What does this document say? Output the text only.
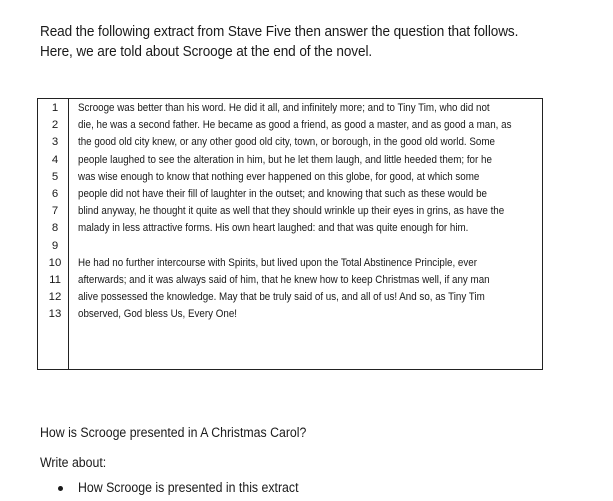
Read the following extract from Stave Five then answer the question that follows. Here, we are told about Scrooge at the end of the novel.
1
2
3
4
5
6
7
8
9
10
11
12
13
Scrooge was better than his word. He did it all, and infinitely more; and to Tiny Tim, who did not
die, he was a second father. He became as good a friend, as good a master, and as good a man, as
the good old city knew, or any other good old city, town, or borough, in the good old world. Some
people laughed to see the alteration in him, but he let them laugh, and little heeded them; for he
was wise enough to know that nothing ever happened on this globe, for good, at which some
people did not have their fill of laughter in the outset; and knowing that such as these would be
blind anyway, he thought it quite as well that they should wrinkle up their eyes in grins, as have the
malady in less attractive forms. His own heart laughed: and that was quite enough for him.
He had no further intercourse with Spirits, but lived upon the Total Abstinence Principle, ever
afterwards; and it was always said of him, that he knew how to keep Christmas well, if any man
alive possessed the knowledge. May that be truly said of us, and all of us! And so, as Tiny Tim
observed, God bless Us, Every One!
How is Scrooge presented in A Christmas Carol?
Write about:
How Scrooge is presented in this extract
